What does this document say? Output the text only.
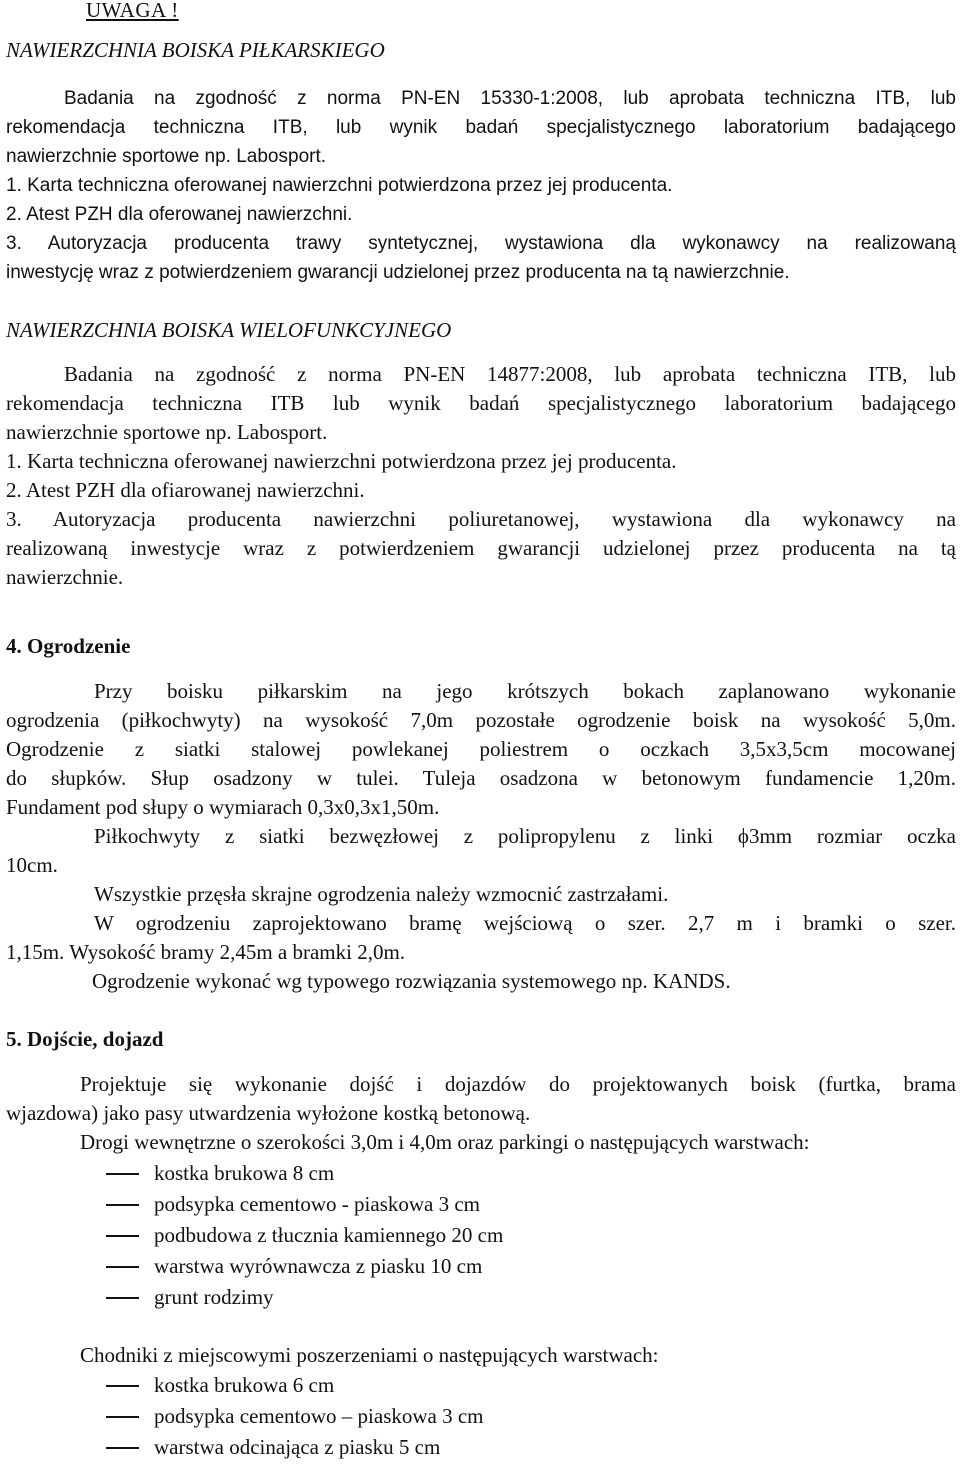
UWAGA !
NAWIERZCHNIA BOISKA PIŁKARSKIEGO
Badania na zgodność z norma PN-EN 15330-1:2008, lub aprobata techniczna ITB, lub
rekomendacja techniczna ITB, lub wynik badań specjalistycznego laboratorium badającego
nawierzchnie sportowe np. Labosport.
1. Karta techniczna oferowanej nawierzchni potwierdzona przez jej producenta.
2. Atest PZH dla oferowanej nawierzchni.
3. Autoryzacja producenta trawy syntetycznej, wystawiona dla wykonawcy na realizowaną
inwestycję wraz z potwierdzeniem gwarancji udzielonej przez producenta na tą nawierzchnie.
NAWIERZCHNIA BOISKA WIELOFUNKCYJNEGO
Badania na zgodność z norma PN-EN 14877:2008, lub aprobata techniczna ITB, lub
rekomendacja techniczna ITB lub wynik badań specjalistycznego laboratorium badającego
nawierzchnie sportowe np. Labosport.
1. Karta techniczna oferowanej nawierzchni potwierdzona przez jej producenta.
2. Atest PZH dla ofiarowanej nawierzchni.
3. Autoryzacja producenta nawierzchni poliuretanowej, wystawiona dla wykonawcy na
realizowaną inwestycje wraz z potwierdzeniem gwarancji udzielonej przez producenta na tą
nawierzchnie.
4. Ogrodzenie
Przy boisku piłkarskim na jego krótszych bokach zaplanowano wykonanie
ogrodzenia (piłkochwyty) na wysokość 7,0m pozostałe ogrodzenie boisk na wysokość 5,0m.
Ogrodzenie z siatki stalowej powlekanej poliestrem o oczkach 3,5x3,5cm mocowanej
do słupków. Słup osadzony w tulei. Tuleja osadzona w betonowym fundamencie 1,20m.
Fundament pod słupy o wymiarach 0,3x0,3x1,50m.
Piłkochwyty z siatki bezwęzłowej z polipropylenu z linki ϕ3mm rozmiar oczka
10cm.
Wszystkie przęsła skrajne ogrodzenia należy wzmocnić zastrzałami.
W ogrodzeniu zaprojektowano bramę wejściową o szer. 2,7 m i bramki o szer.
1,15m. Wysokość bramy 2,45m a bramki 2,0m.
Ogrodzenie wykonać wg typowego rozwiązania systemowego np. KANDS.
5. Dojście, dojazd
Projektuje się wykonanie dojść i dojazdów do projektowanych boisk (furtka, brama
wjazdowa) jako pasy utwardzenia wyłożone kostką betonową.
Drogi wewnętrzne o szerokości 3,0m i 4,0m oraz parkingi o następujących warstwach:
kostka brukowa 8 cm
podsypka cementowo - piaskowa 3 cm
podbudowa z tłucznia kamiennego 20 cm
warstwa wyrównawcza z piasku 10 cm
grunt rodzimy
Chodniki z miejscowymi poszerzeniami o następujących warstwach:
kostka brukowa 6 cm
podsypka cementowo – piaskowa 3 cm
warstwa odcinająca z piasku 5 cm
